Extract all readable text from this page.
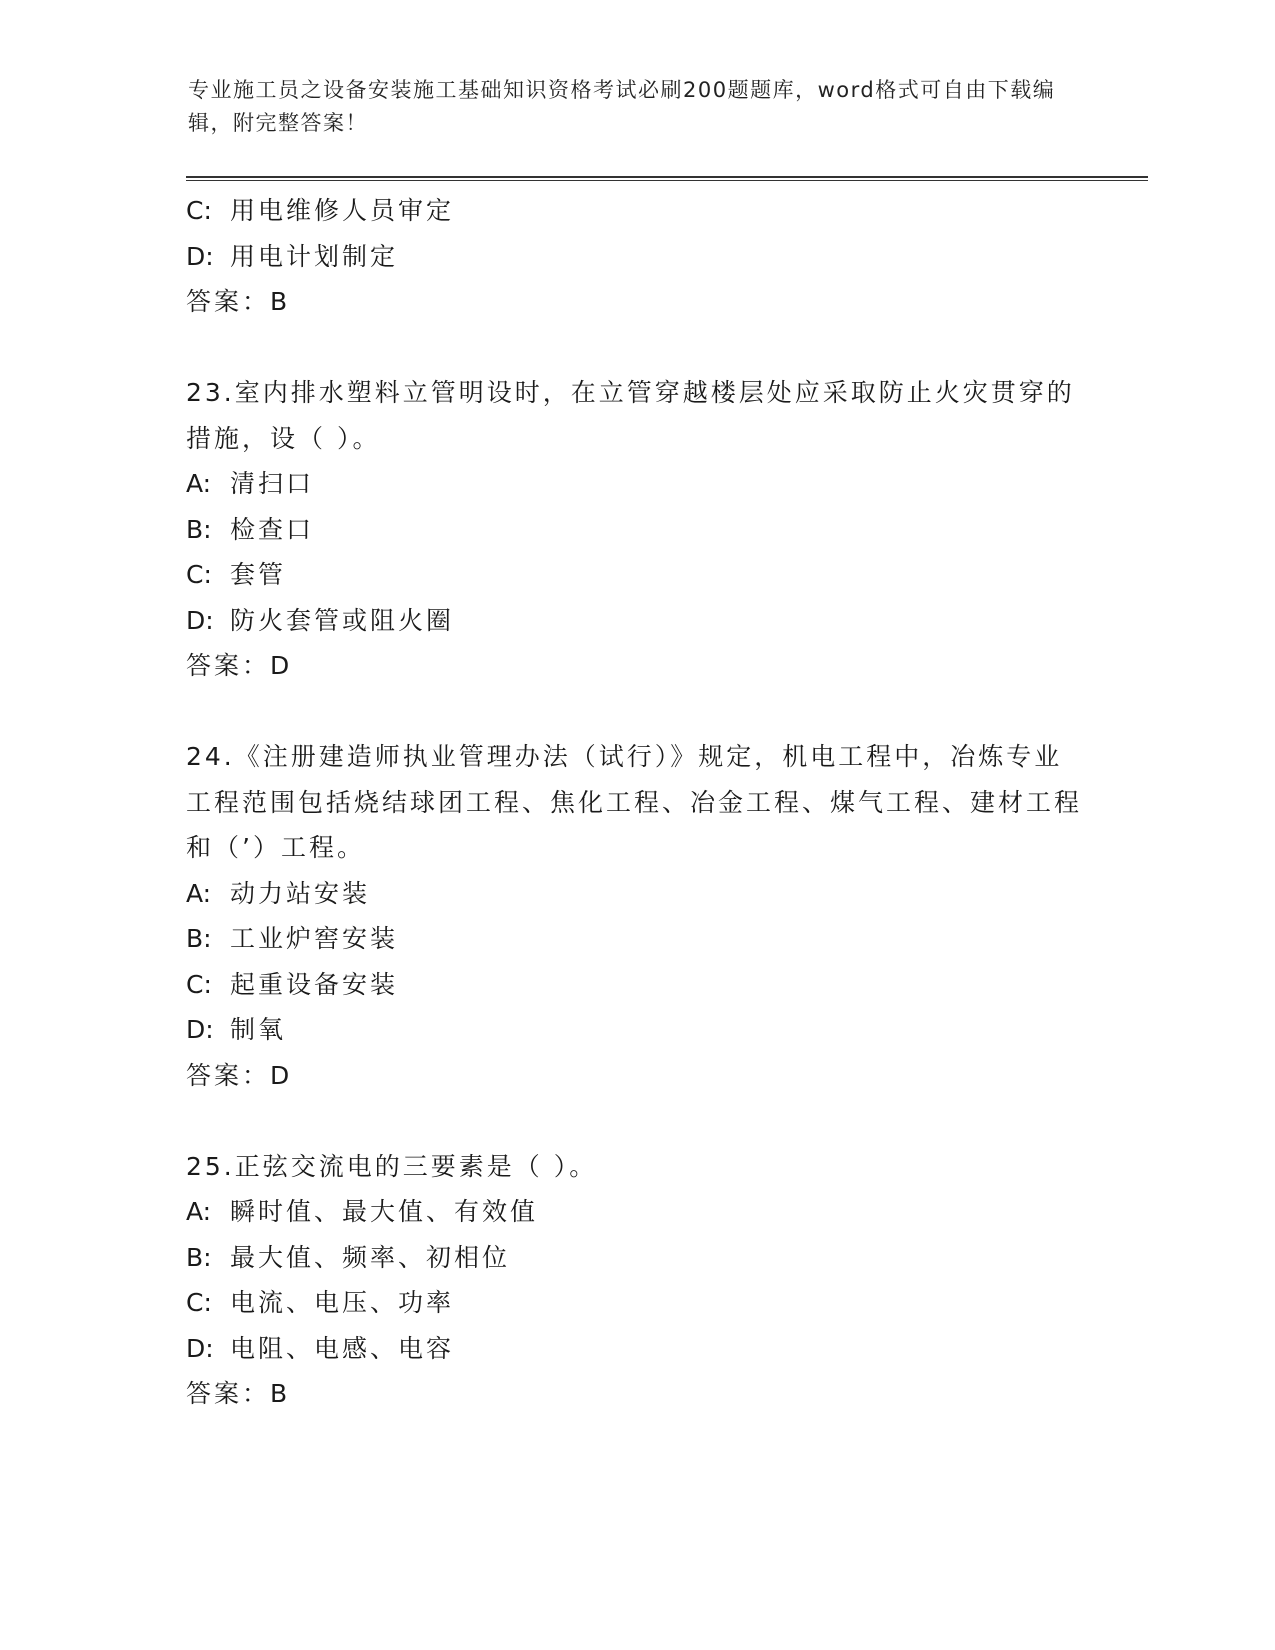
专业施工员之设备安装施工基础知识资格考试必刷200题题库，word格式可自由下载编辑，附完整答案！
C: 用电维修人员审定
D: 用电计划制定
答案：B
23.室内排水塑料立管明设时，在立管穿越楼层处应采取防止火灾贯穿的措施，设（ ）。
A: 清扫口
B: 检查口
C: 套管
D: 防火套管或阻火圈
答案：D
24.《注册建造师执业管理办法（试行）》规定，机电工程中，冶炼专业工程范围包括烧结球团工程、焦化工程、冶金工程、煤气工程、建材工程和（’）工程。
A: 动力站安装
B: 工业炉窖安装
C: 起重设备安装
D: 制氧
答案：D
25.正弦交流电的三要素是（ ）。
A: 瞬时值、最大值、有效值
B: 最大值、频率、初相位
C: 电流、电压、功率
D: 电阻、电感、电容
答案：B
